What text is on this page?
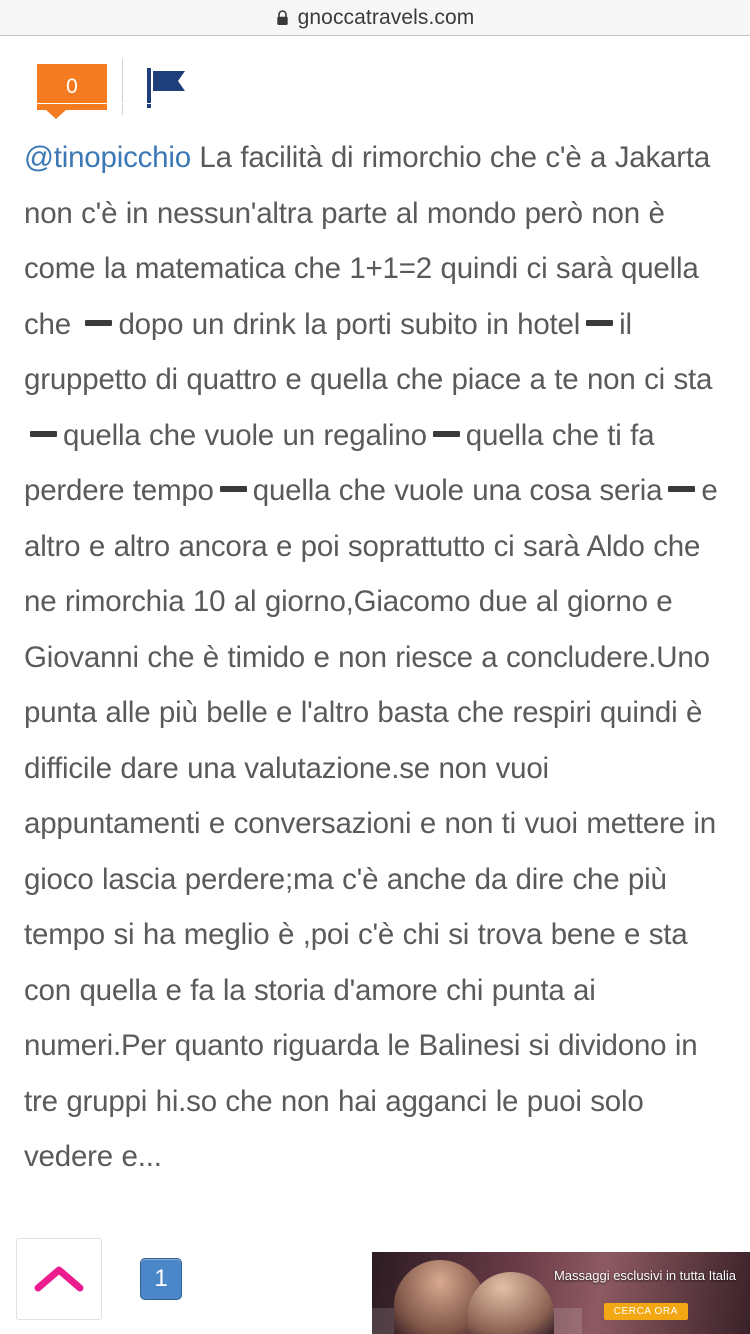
gnoccatravels.com
0
@tinopicchio La facilità di rimorchio che c'è a Jakarta non c'è in nessun'altra parte al mondo però non è come la matematica che 1+1=2 quindi ci sarà quella che dopo un drink la porti subito in hotel il gruppetto di quattro e quella che piace a te non ci staquella che vuole un regalino quella che ti fa perdere tempo quella che vuole una cosa seria e altro e altro ancora e poi soprattutto ci sarà Aldo che ne rimorchia 10 al giorno,Giacomo due al giorno e Giovanni che è timido e non riesce a concludere.Uno punta alle più belle e l'altro basta che respiri quindi è difficile dare una valutazione.se non vuoi appuntamenti e conversazioni e non ti vuoi mettere in gioco lascia perdere;ma c'è anche da dire che più tempo si ha meglio è ,poi c'è chi si trova bene e sta con quella e fa la storia d'amore chi punta ai numeri.Per quanto riguarda le Balinesi si dividono in tre gruppi hi.so che non hai agganci le puoi solo vedere e...
1	Massaggi esclusivi in tutta Italia
CERCA ORA
